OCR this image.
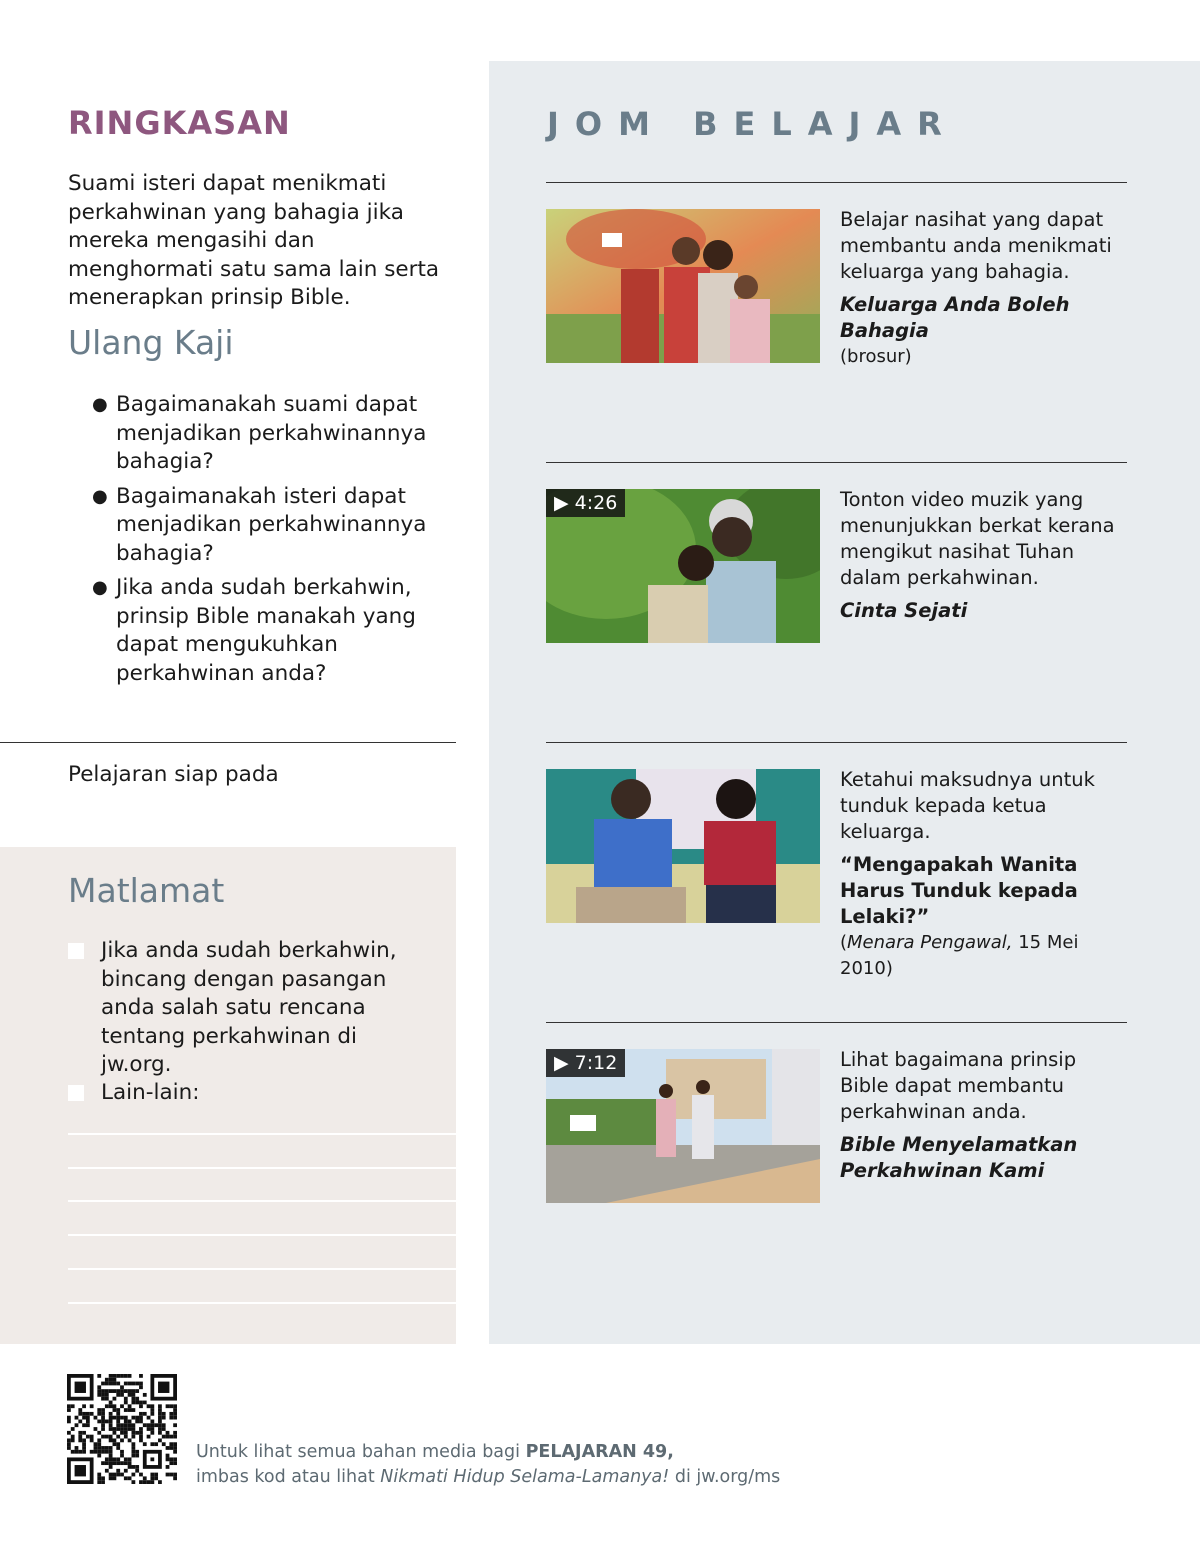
RINGKASAN
Suami isteri dapat menikmati perkahwinan yang bahagia jika mereka mengasihi dan menghormati satu sama lain serta menerapkan prinsip Bible.
Ulang Kaji
● Bagaimanakah suami dapat menjadikan perkahwinannya bahagia?
● Bagaimanakah isteri dapat menjadikan perkahwinannya bahagia?
● Jika anda sudah berkahwin, prinsip Bible manakah yang dapat mengukuhkan perkahwinan anda?
Pelajaran siap pada
Matlamat
Jika anda sudah berkahwin, bincang dengan pasangan anda salah satu rencana tentang perkahwinan di jw.org.
Lain-lain:
JOM BELAJAR
Belajar nasihat yang dapat membantu anda menikmati keluarga yang bahagia.
Keluarga Anda Boleh Bahagia
(brosur)
▶ 4:26	Tonton video muzik yang menunjukkan berkat kerana mengikut nasihat Tuhan dalam perkahwinan.
Cinta Sejati
Ketahui maksudnya untuk tunduk kepada ketua keluarga.
“Mengapakah Wanita Harus Tunduk kepada Lelaki?”
(Menara Pengawal, 15 Mei 2010)
▶ 7:12	Lihat bagaimana prinsip Bible dapat membantu perkahwinan anda.
Bible Menyelamatkan Perkahwinan Kami
Untuk lihat semua bahan media bagi PELAJARAN 49,
imbas kod atau lihat Nikmati Hidup Selama-Lamanya! di jw.org/ms
